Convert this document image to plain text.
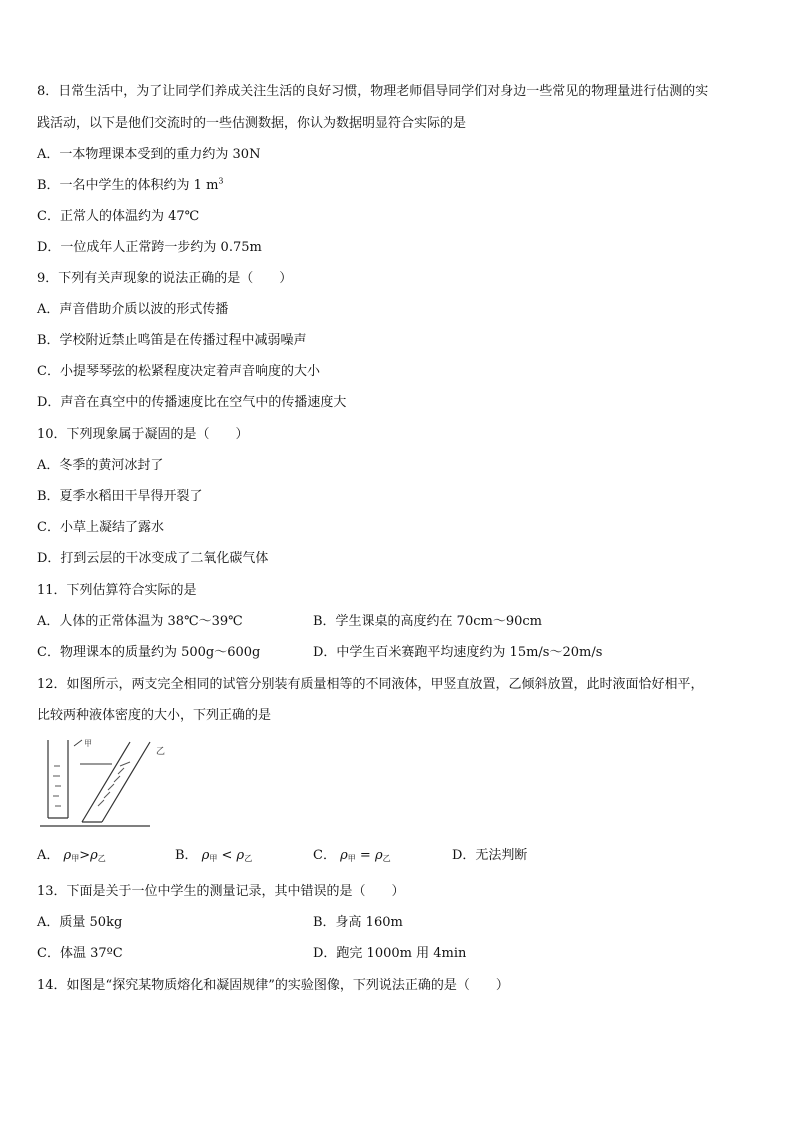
8．日常生活中，为了让同学们养成关注生活的良好习惯，物理老师倡导同学们对身边一些常见的物理量进行估测的实
践活动，以下是他们交流时的一些估测数据，你认为数据明显符合实际的是
A．一本物理课本受到的重力约为 30N
B．一名中学生的体积约为 1 $m^3$
C．正常人的体温约为 47℃
D．一位成年人正常跨一步约为 0.75m
9．下列有关声现象的说法正确的是（　　）
A．声音借助介质以波的形式传播
B．学校附近禁止鸣笛是在传播过程中减弱噪声
C．小提琴琴弦的松紧程度决定着声音响度的大小
D．声音在真空中的传播速度比在空气中的传播速度大
10．下列现象属于凝固的是（　　）
A．冬季的黄河冰封了
B．夏季水稻田干旱得开裂了
C．小草上凝结了露水
D．打到云层的干冰变成了二氧化碳气体
11．下列估算符合实际的是
A．人体的正常体温为 38℃～39℃	B．学生课桌的高度约在 70cm～90cm
C．物理课本的质量约为 500g～600g	D．中学生百米赛跑平均速度约为 15m/s～20m/s
12．如图所示，两支完全相同的试管分别装有质量相等的不同液体，甲竖直放置，乙倾斜放置，此时液面恰好相平，
比较两种液体密度的大小，下列正确的是
甲
乙
A． $\rho_甲>\rho_乙$	B． $\rho_甲 < \rho_乙$	C． $\rho_甲 = \rho_乙$	D．无法判断
13．下面是关于一位中学生的测量记录，其中错误的是（　　）
A．质量 50kg	B．身高 160m
C．体温 37ºC	D．跑完 1000m 用 4min
14．如图是“探究某物质熔化和凝固规律”的实验图像，下列说法正确的是（　　）
